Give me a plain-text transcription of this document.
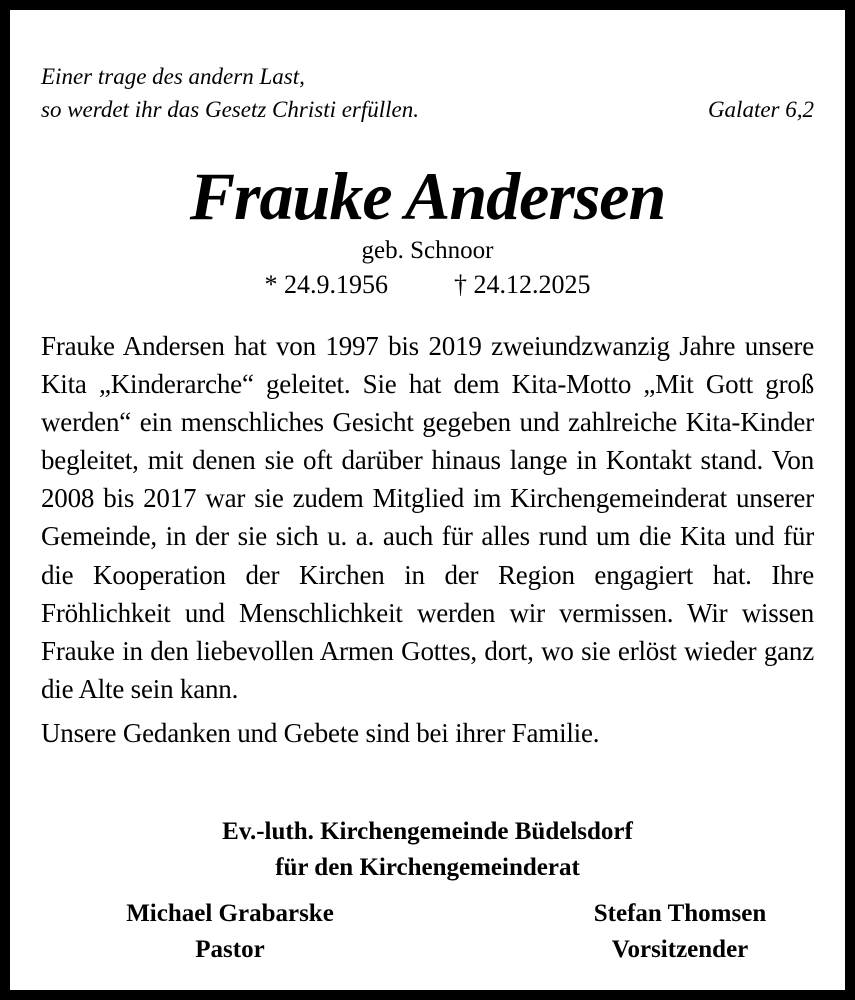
Einer trage des andern Last,
so werdet ihr das Gesetz Christi erfüllen.	Galater 6,2
Frauke Andersen
geb. Schnoor
* 24.9.1956	† 24.12.2025

Frauke Andersen hat von 1997 bis 2019 zweiundzwanzig Jahre unsere Kita „Kinderarche“ geleitet. Sie hat dem Kita-Motto „Mit Gott groß werden“ ein menschliches Gesicht gegeben und zahlreiche Kita-Kinder begleitet, mit denen sie oft darüber hinaus lange in Kontakt stand. Von 2008 bis 2017 war sie zudem Mitglied im Kirchengemeinderat unserer Gemeinde, in der sie sich u. a. auch für alles rund um die Kita und für die Kooperation der Kirchen in der Region engagiert hat. Ihre Fröhlichkeit und Menschlichkeit werden wir vermissen. Wir wissen Frauke in den liebevollen Armen Gottes, dort, wo sie erlöst wieder ganz die Alte sein kann.

Unsere Gedanken und Gebete sind bei ihrer Familie.

Ev.-luth. Kirchengemeinde Büdelsdorf
für den Kirchengemeinderat
Michael Grabarske
Pastor
Stefan Thomsen
Vorsitzender
